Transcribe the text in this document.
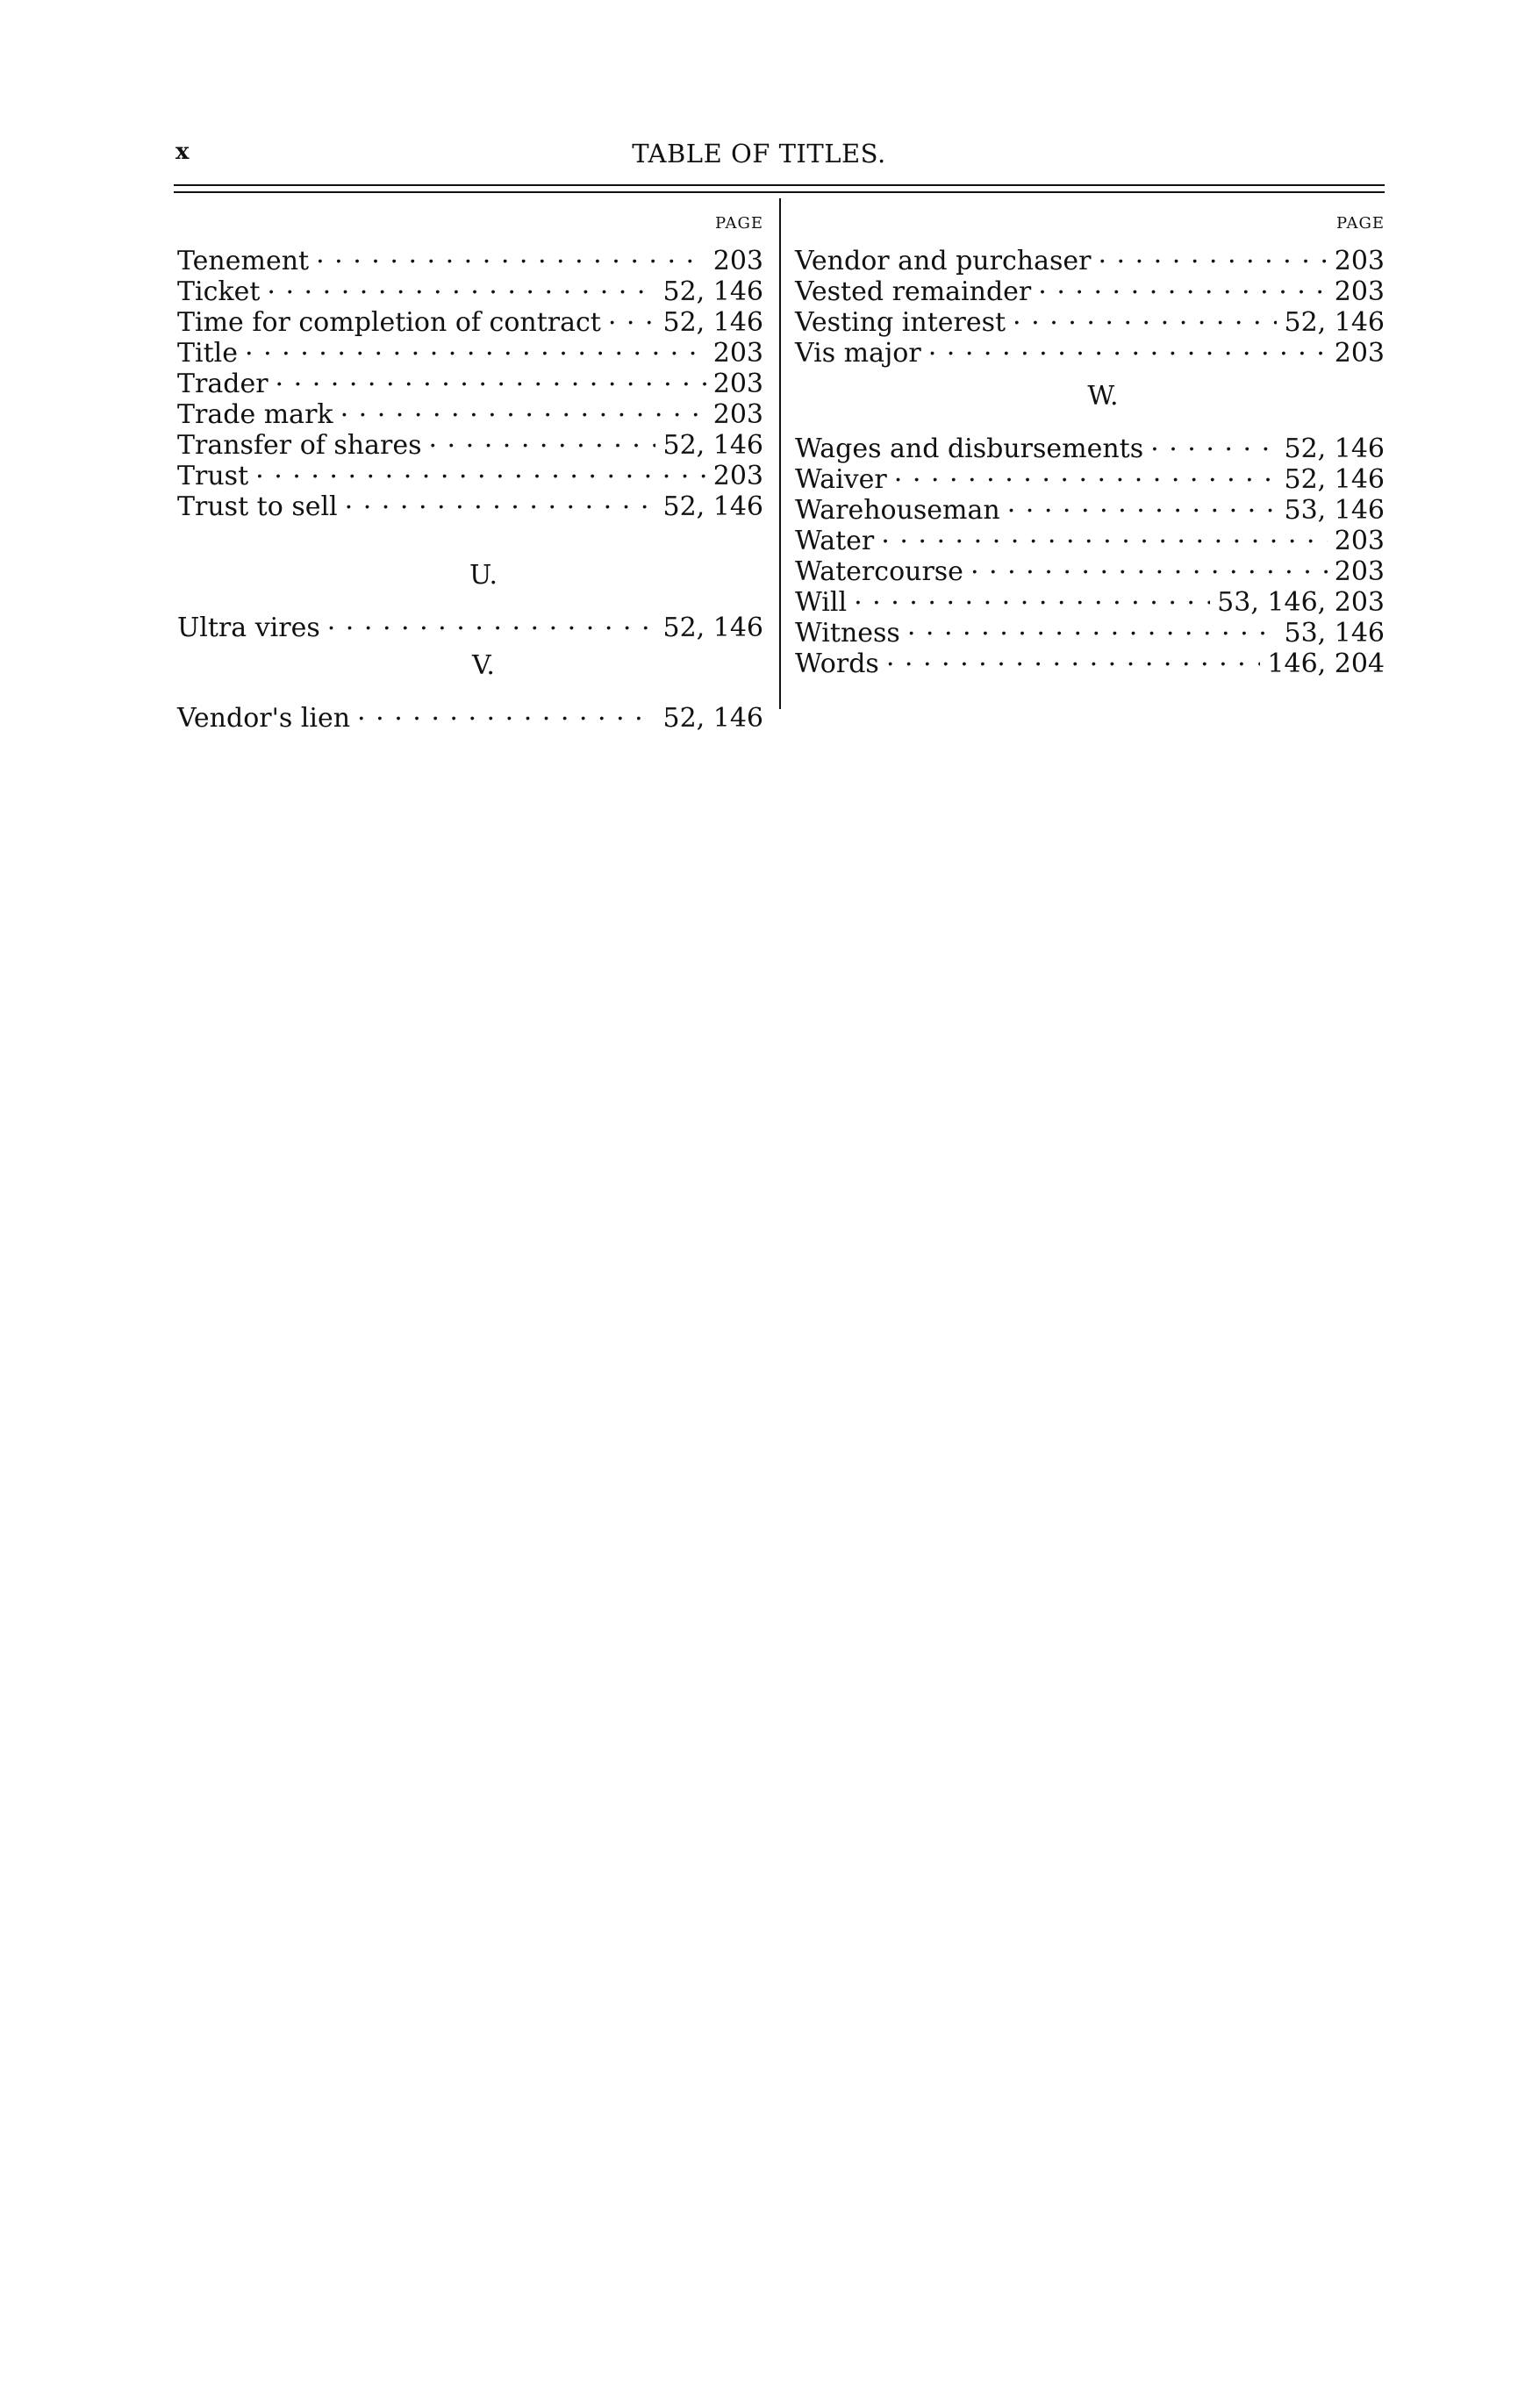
x	TABLE OF TITLES.
PAGE
Tenement . . .	203
Ticket . . .	52, 146
Time for completion of contract . . . 52, 146
Title . . .	203
Trader . . .	203
Trade mark . . .	203
Transfer of shares . . .	52, 146
Trust . . .	203
Trust to sell . . .	52, 146
U.
Ultra vires . . .	52, 146
V.
Vendor's lien . . .	52, 146
PAGE
Vendor and purchaser . . .	203
Vested remainder . . .	203
Vesting interest . . .	52, 146
Vis major . . .	203
W.
Wages and disbursements . . .	52, 146
Waiver . . .	52, 146
Warehouseman . . .	53, 146
Water . . .	203
Watercourse . . .	203
Will . . .	53, 146, 203
Witness . . .	53, 146
Words . . .	146, 204
